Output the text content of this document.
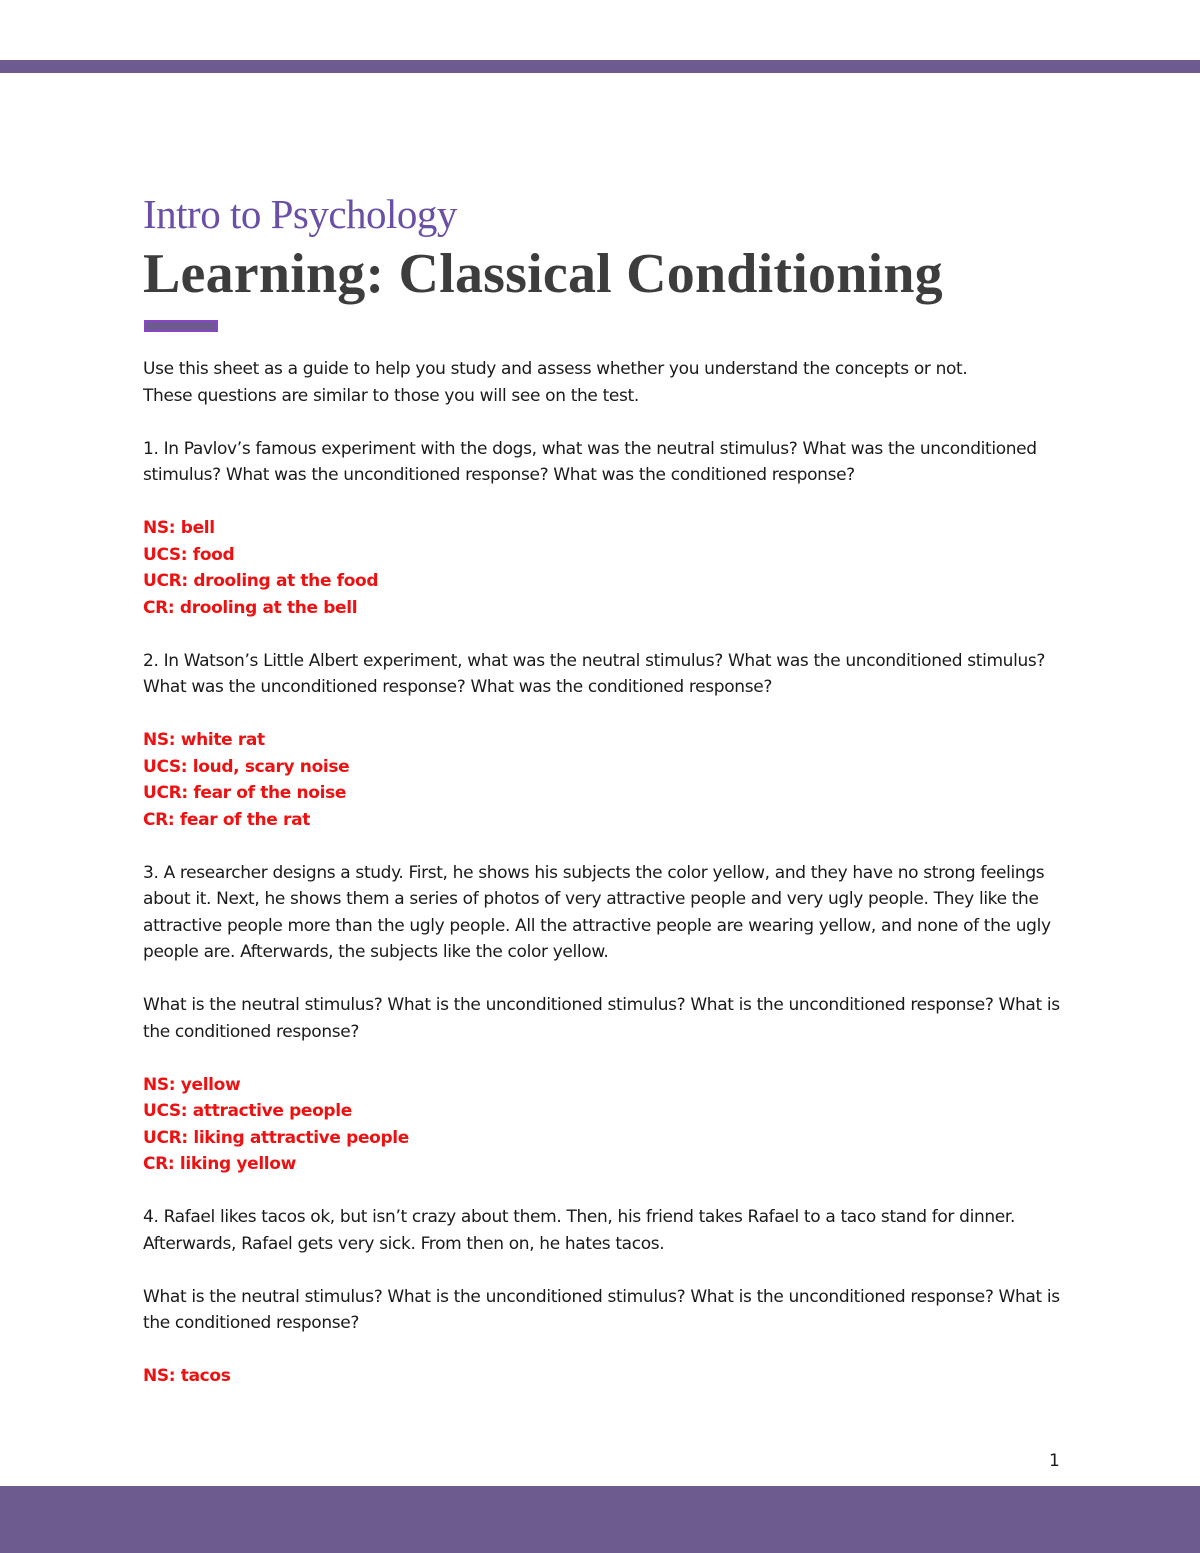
Intro to Psychology
Learning: Classical Conditioning

Use this sheet as a guide to help you study and assess whether you understand the concepts or not.
These questions are similar to those you will see on the test.

1. In Pavlov’s famous experiment with the dogs, what was the neutral stimulus? What was the unconditioned stimulus? What was the unconditioned response? What was the conditioned response?

NS: bell
UCS: food
UCR: drooling at the food
CR: drooling at the bell

2. In Watson’s Little Albert experiment, what was the neutral stimulus? What was the unconditioned stimulus? What was the unconditioned response? What was the conditioned response?

NS: white rat
UCS: loud, scary noise
UCR: fear of the noise
CR: fear of the rat

3. A researcher designs a study. First, he shows his subjects the color yellow, and they have no strong feelings about it. Next, he shows them a series of photos of very attractive people and very ugly people. They like the attractive people more than the ugly people. All the attractive people are wearing yellow, and none of the ugly people are. Afterwards, the subjects like the color yellow.

What is the neutral stimulus? What is the unconditioned stimulus? What is the unconditioned response? What is the conditioned response?

NS: yellow
UCS: attractive people
UCR: liking attractive people
CR: liking yellow

4. Rafael likes tacos ok, but isn’t crazy about them. Then, his friend takes Rafael to a taco stand for dinner. Afterwards, Rafael gets very sick. From then on, he hates tacos.

What is the neutral stimulus? What is the unconditioned stimulus? What is the unconditioned response? What is the conditioned response?

NS: tacos
1
